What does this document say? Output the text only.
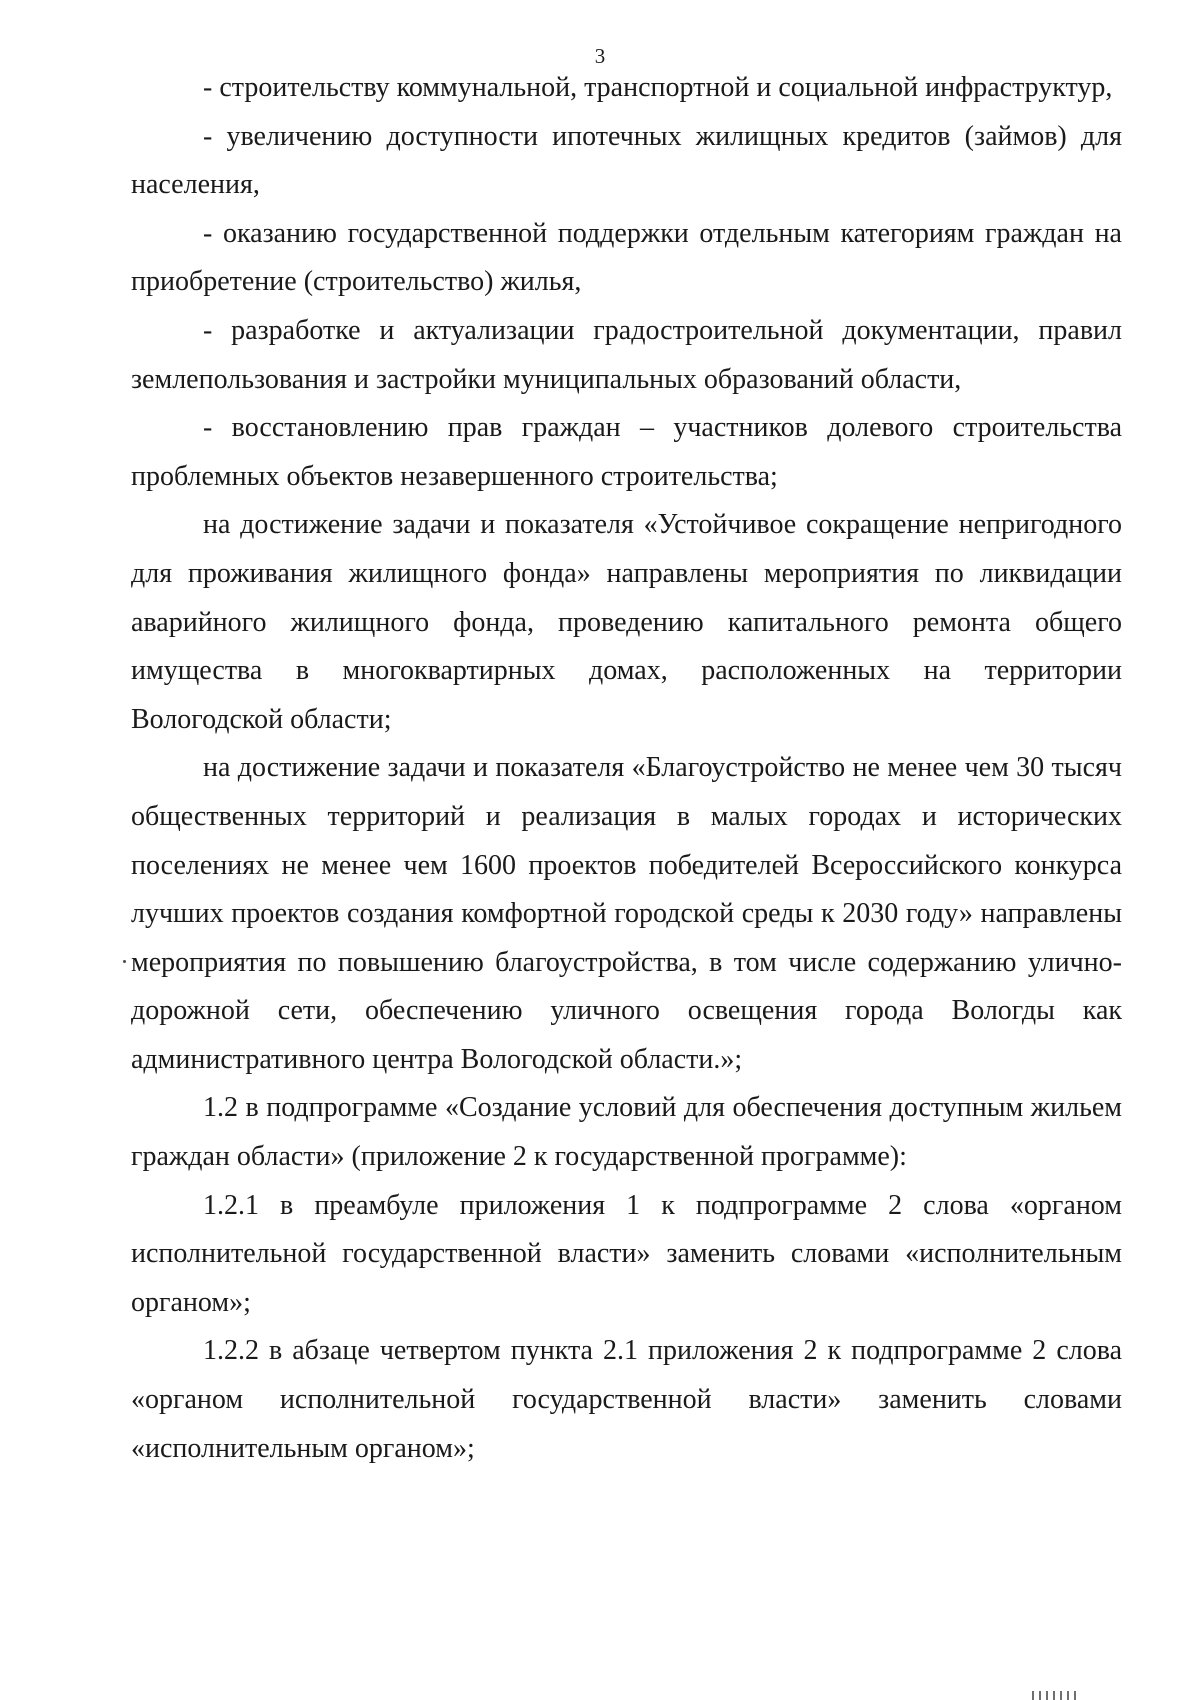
3

- строительству коммунальной, транспортной и социальной инфраструктур,

- увеличению доступности ипотечных жилищных кредитов (займов) для населения,

- оказанию государственной поддержки отдельным категориям граждан на приобретение (строительство) жилья,

- разработке и актуализации градостроительной документации, правил землепользования и застройки муниципальных образований области,

- восстановлению прав граждан – участников долевого строительства проблемных объектов незавершенного строительства;

на достижение задачи и показателя «Устойчивое сокращение непригодного для проживания жилищного фонда» направлены мероприятия по ликвидации аварийного жилищного фонда, проведению капитального ремонта общего имущества в многоквартирных домах, расположенных на территории Вологодской области;

на достижение задачи и показателя «Благоустройство не менее чем 30 тысяч общественных территорий и реализация в малых городах и исторических поселениях не менее чем 1600 проектов победителей Всероссийского конкурса лучших проектов создания комфортной городской среды к 2030 году» направлены мероприятия по повышению благоустройства, в том числе содержанию улично-дорожной сети, обеспечению уличного освещения города Вологды как административного центра Вологодской области.»;

1.2 в подпрограмме «Создание условий для обеспечения доступным жильем граждан области» (приложение 2 к государственной программе):

1.2.1 в преамбуле приложения 1 к подпрограмме 2 слова «органом исполнительной государственной власти» заменить словами «исполнительным органом»;

1.2.2 в абзаце четвертом пункта 2.1 приложения 2 к подпрограмме 2 слова «органом исполнительной государственной власти» заменить словами «исполнительным органом»;
